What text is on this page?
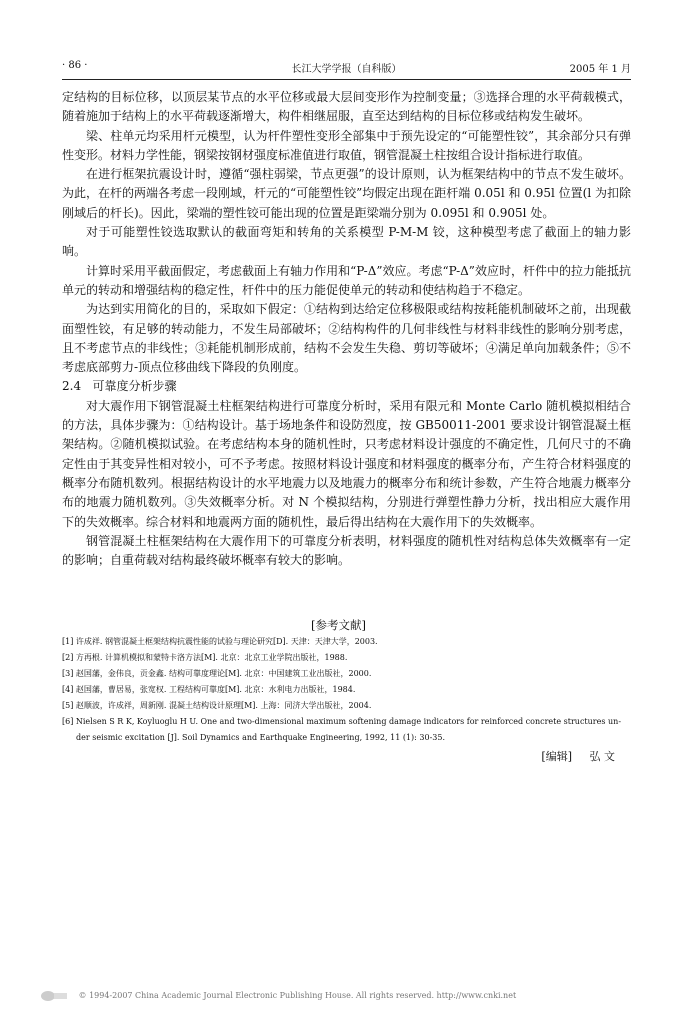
· 86 ·	长江大学学报（自科版）	2005 年 1 月

定结构的目标位移，以顶层某节点的水平位移或最大层间变形作为控制变量；③选择合理的水平荷载模式，随着施加于结构上的水平荷载逐渐增大，构件相继屈服，直至达到结构的目标位移或结构发生破坏。

梁、柱单元均采用杆元模型，认为杆件塑性变形全部集中于预先设定的“可能塑性铰”，其余部分只有弹性变形。材料力学性能，钢梁按钢材强度标准值进行取值，钢管混凝土柱按组合设计指标进行取值。

在进行框架抗震设计时，遵循“强柱弱梁，节点更强”的设计原则，认为框架结构中的节点不发生破坏。为此，在杆的两端各考虑一段刚域，杆元的“可能塑性铰”均假定出现在距杆端 0.05l 和 0.95l 位置(l 为扣除刚域后的杆长)。因此，梁端的塑性铰可能出现的位置是距梁端分别为 0.095l 和 0.905l 处。

对于可能塑性铰选取默认的截面弯矩和转角的关系模型 P-M-M 铰，这种模型考虑了截面上的轴力影响。

计算时采用平截面假定，考虑截面上有轴力作用和“P-Δ”效应。考虑“P-Δ”效应时，杆件中的拉力能抵抗单元的转动和增强结构的稳定性，杆件中的压力能促使单元的转动和使结构趋于不稳定。

为达到实用简化的目的，采取如下假定：①结构到达给定位移极限或结构按耗能机制破坏之前，出现截面塑性铰，有足够的转动能力，不发生局部破坏；②结构构件的几何非线性与材料非线性的影响分别考虑，且不考虑节点的非线性；③耗能机制形成前，结构不会发生失稳、剪切等破坏；④满足单向加载条件；⑤不考虑底部剪力-顶点位移曲线下降段的负刚度。

2.4 可靠度分析步骤

对大震作用下钢管混凝土柱框架结构进行可靠度分析时，采用有限元和 Monte Carlo 随机模拟相结合的方法，具体步骤为：①结构设计。基于场地条件和设防烈度，按 GB50011-2001 要求设计钢管混凝土框架结构。②随机模拟试验。在考虑结构本身的随机性时，只考虑材料设计强度的不确定性，几何尺寸的不确定性由于其变异性相对较小，可不予考虑。按照材料设计强度和材料强度的概率分布，产生符合材料强度的概率分布随机数列。根据结构设计的水平地震力以及地震力的概率分布和统计参数，产生符合地震力概率分布的地震力随机数列。③失效概率分析。对 N 个模拟结构，分别进行弹塑性静力分析，找出相应大震作用下的失效概率。综合材料和地震两方面的随机性，最后得出结构在大震作用下的失效概率。

钢管混凝土柱框架结构在大震作用下的可靠度分析表明，材料强度的随机性对结构总体失效概率有一定的影响；自重荷载对结构最终破坏概率有较大的影响。

[参考文献]
[1] 许成祥. 钢管混凝土框架结构抗震性能的试验与理论研究[D]. 天津：天津大学，2003.
[2] 方再根. 计算机模拟和蒙特卡洛方法[M]. 北京：北京工业学院出版社，1988.
[3] 赵国藩，金伟良，贡金鑫. 结构可靠度理论[M]. 北京：中国建筑工业出版社，2000.
[4] 赵国藩，曹居易，张宽权. 工程结构可靠度[M]. 北京：水利电力出版社，1984.
[5] 赵顺波，许成祥，周新刚. 混凝土结构设计原理[M]. 上海：同济大学出版社，2004.
[6] Nielsen S R K, Koyluoglu H U. One and two-dimensional maximum softening damage indicators for reinforced concrete structures un-
der seismic excitation [J]. Soil Dynamics and Earthquake Engineering, 1992, 11 (1): 30-35.
[编辑] 弘 文
© 1994-2007 China Academic Journal Electronic Publishing House. All rights reserved. http://www.cnki.net
